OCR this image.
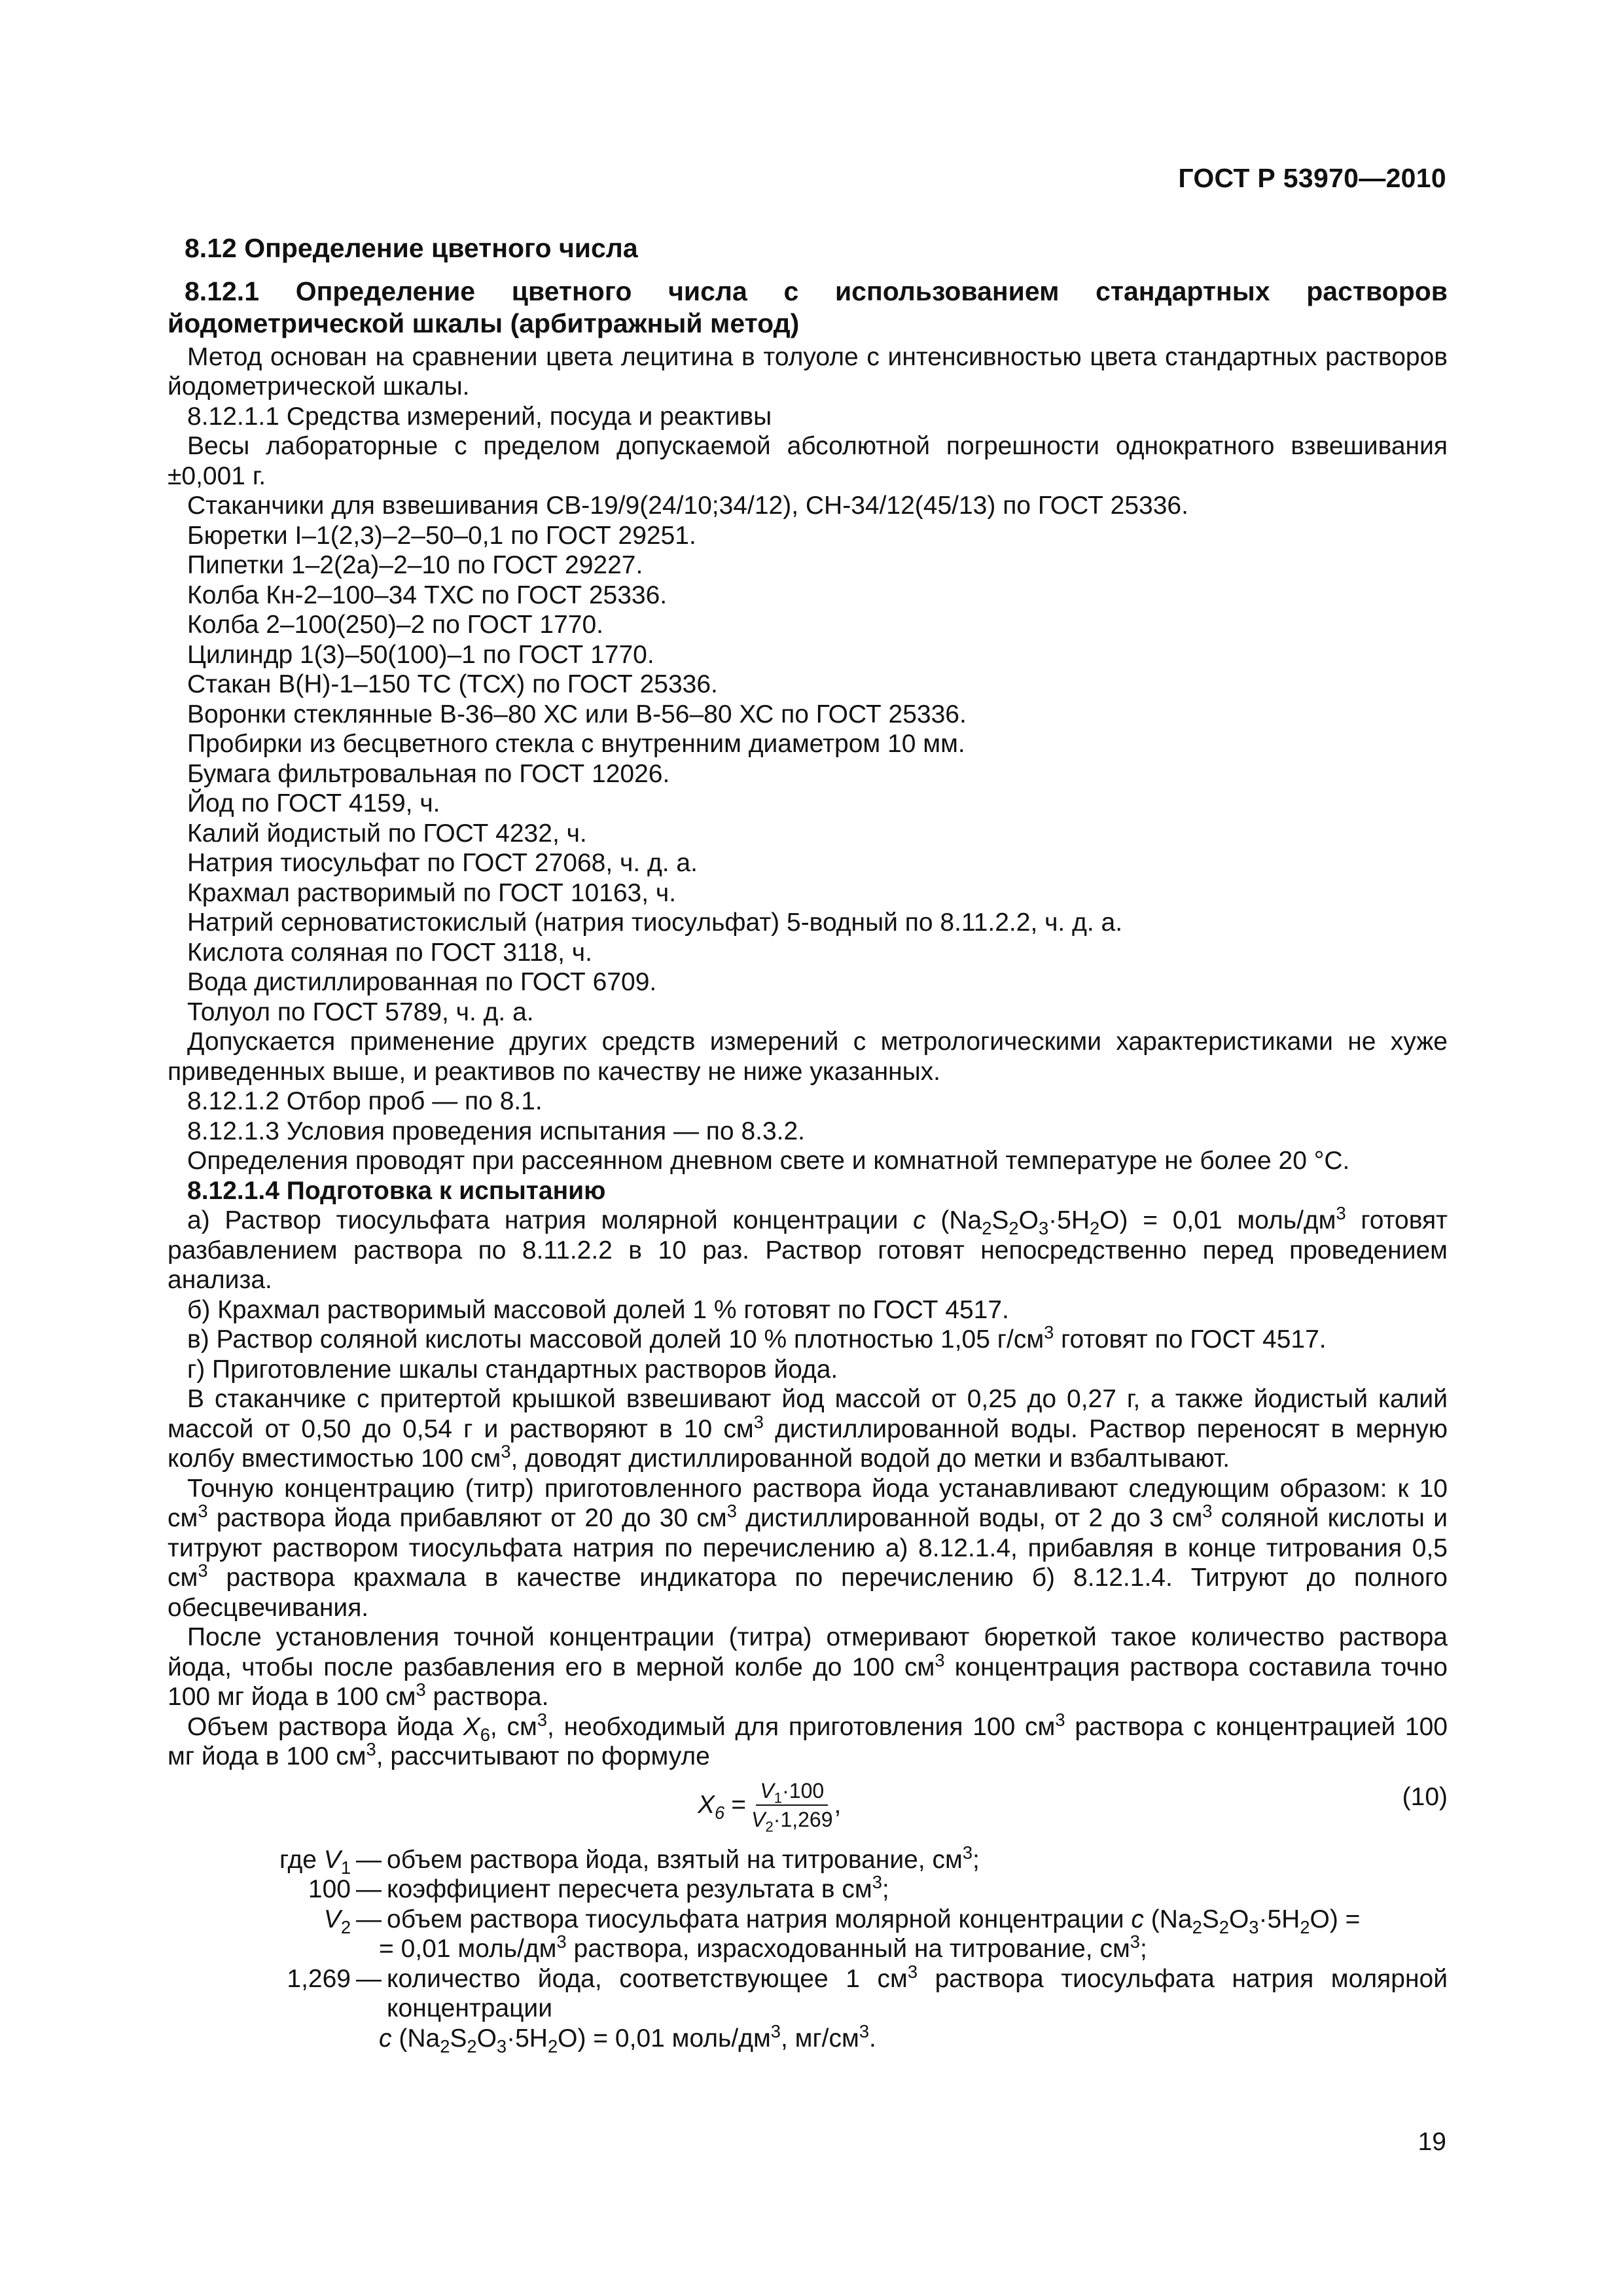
ГОСТ Р 53970—2010
8.12 Определение цветного числа
8.12.1 Определение цветного числа с использованием стандартных растворов йодометрической шкалы (арбитражный метод)

Метод основан на сравнении цвета лецитина в толуоле с интенсивностью цвета стандартных растворов йодометрической шкалы.

8.12.1.1 Средства измерений, посуда и реактивы

Весы лабораторные с пределом допускаемой абсолютной погрешности однократного взвешивания ±0,001 г.

Стаканчики для взвешивания СВ-19/9(24/10;34/12), СН-34/12(45/13) по ГОСТ 25336.

Бюретки I–1(2,3)–2–50–0,1 по ГОСТ 29251.

Пипетки 1–2(2а)–2–10 по ГОСТ 29227.

Колба Кн-2–100–34 ТХС по ГОСТ 25336.

Колба 2–100(250)–2 по ГОСТ 1770.

Цилиндр 1(3)–50(100)–1 по ГОСТ 1770.

Стакан В(Н)-1–150 ТС (ТСХ) по ГОСТ 25336.

Воронки стеклянные В-36–80 ХС или В-56–80 ХС по ГОСТ 25336.

Пробирки из бесцветного стекла с внутренним диаметром 10 мм.

Бумага фильтровальная по ГОСТ 12026.

Йод по ГОСТ 4159, ч.

Калий йодистый по ГОСТ 4232, ч.

Натрия тиосульфат по ГОСТ 27068, ч. д. а.

Крахмал растворимый по ГОСТ 10163, ч.

Натрий серноватистокислый (натрия тиосульфат) 5-водный по 8.11.2.2, ч. д. а.

Кислота соляная по ГОСТ 3118, ч.

Вода дистиллированная по ГОСТ 6709.

Толуол по ГОСТ 5789, ч. д. а.

Допускается применение других средств измерений с метрологическими характеристиками не хуже приведенных выше, и реактивов по качеству не ниже указанных.

8.12.1.2 Отбор проб — по 8.1.

8.12.1.3 Условия проведения испытания — по 8.3.2.

Определения проводят при рассеянном дневном свете и комнатной температуре не более 20 °С.

8.12.1.4 Подготовка к испытанию

а) Раствор тиосульфата натрия молярной концентрации c $(Na_2S_2O_3\cdot 5H_2O) = 0,01$ моль/$дм^3$ готовят разбавлением раствора по 8.11.2.2 в 10 раз. Раствор готовят непосредственно перед проведением анализа.

б) Крахмал растворимый массовой долей 1 % готовят по ГОСТ 4517.

в) Раствор соляной кислоты массовой долей 10 % плотностью 1,05 $г/см^3$ готовят по ГОСТ 4517.

г) Приготовление шкалы стандартных растворов йода.

В стаканчике с притертой крышкой взвешивают йод массой от 0,25 до 0,27 г, а также йодистый калий массой от 0,50 до 0,54 г и растворяют в 10 $см^3$ дистиллированной воды. Раствор переносят в мерную колбу вместимостью 100 $см^3$, доводят дистиллированной водой до метки и взбалтывают.

Точную концентрацию (титр) приготовленного раствора йода устанавливают следующим образом: к 10 $см^3$ раствора йода прибавляют от 20 до 30 $см^3$ дистиллированной воды, от 2 до 3 $см^3$ соляной кислоты и титруют раствором тиосульфата натрия по перечислению а) 8.12.1.4, прибавляя в конце титрования 0,5 $см^3$ раствора крахмала в качестве индикатора по перечислению б) 8.12.1.4. Титруют до полного обесцвечивания.

После установления точной концентрации (титра) отмеривают бюреткой такое количество раствора йода, чтобы после разбавления его в мерной колбе до 100 $см^3$ концентрация раствора составила точно 100 мг йода в 100 $см^3$ раствора.

Объем раствора йода $X_6$, $см^3$, необходимый для приготовления 100 $см^3$ раствора с концентрацией 100 мг йода в 100 $см^3$, рассчитывают по формуле

$X_6 = \frac{V_1\cdot 100}{V_2\cdot 1,269}$ ,	(10)
где $V_1$ — объем раствора йода, взятый на титрование, $см^3$;
100 — коэффициент пересчета результата в $см^3$;
$V_2$ — объем раствора тиосульфата натрия молярной концентрации c $(Na_2S_2O_3\cdot 5H_2O)$ =
= 0,01 моль/$дм^3$ раствора, израсходованный на титрование, $см^3$;
1,269 — количество йода, соответствующее 1 $см^3$ раствора тиосульфата натрия молярной концентрации
c $(Na_2S_2O_3\cdot 5H_2O) = 0,01$ моль/$дм^3$, $мг/см^3$.
19
